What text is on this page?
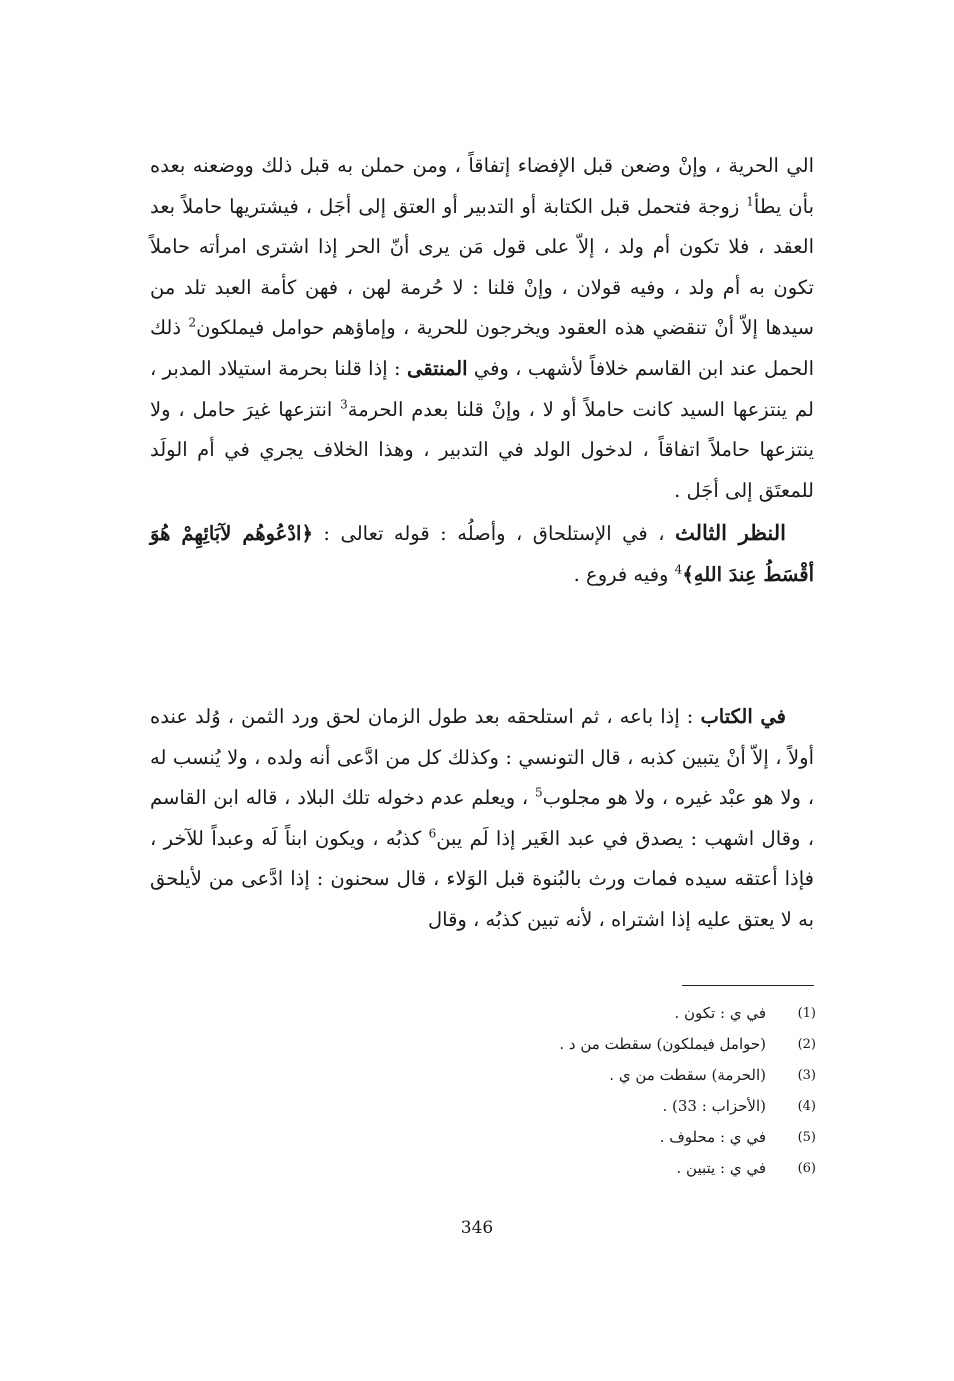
الي الحرية ، وإنْ وضعن قبل الإفضاء إتفاقاً ، ومن حملن به قبل ذلك ووضعنه بعده بأن يطأ$^1$ زوجة فتحمل قبل الكتابة أو التدبير أو العتق إلى أجَل ، فيشتريها حاملاً بعد العقد ، فلا تكون أم ولد ، إلاّ على قول مَن يرى أنّ الحر إذا اشترى امرأته حاملاً تكون به أم ولد ، وفيه قولان ، وإنْ قلنا : لا حُرمة لهن ، فهن كأمة العبد تلد من سيدها إلاّ أنْ تنقضي هذه العقود ويخرجون للحرية ، وإماؤهم حوامل فيملكون$^2$ ذلك الحمل عند ابن القاسم خلافاً لأشهب ، وفي المنتقى : إذا قلنا بحرمة استيلاد المدبر ، لم ينتزعها السيد كانت حاملاً أو لا ، وإنْ قلنا بعدم الحرمة$^3$ انتزعها غيرَ حامل ، ولا ينتزعها حاملاً اتفاقاً ، لدخول الولد في التدبير ، وهذا الخلاف يجري في أم الولَد للمعتَق إلى أجَل .

النظر الثالث ، في الإستلحاق ، وأصلُه : قوله تعالى : ﴿ادْعُوهُم لآبَائِهِمْ هُوَ أقْسَطُ عِندَ اللهِ﴾$^4$ وفيه فروع .

في الكتاب : إذا باعه ، ثم استلحقه بعد طول الزمان لحق ورد الثمن ، وُلد عنده أولاً ، إلاّ أنْ يتبين كذبه ، قال التونسي : وكذلك كل من ادَّعى أنه ولده ، ولا يُنسب له ، ولا هو عبْد غيره ، ولا هو مجلوب$^5$ ، ويعلم عدم دخوله تلك البلاد ، قاله ابن القاسم ، وقال اشهب : يصدق في عبد الغَير إذا لَم يبن$^6$ كذبُه ، ويكون ابناً لَه وعبداً للآخر ، فإذا أعتقه سيده فمات ورث بالبُنوة قبل الوَلاء ، قال سحنون : إذا ادَّعى من لأيلحق به لا يعتق عليه إذا اشتراه ، لأنه تبين كذبُه ، وقال

(1)
في ي : تكون .
(2)
(حوامل فيملكون) سقطت من د .
(3)
(الحرمة) سقطت من ي .
(4)
(الأحزاب : 33) .
(5)
في ي : محلوف .
(6)
في ي : يتبين .
346
